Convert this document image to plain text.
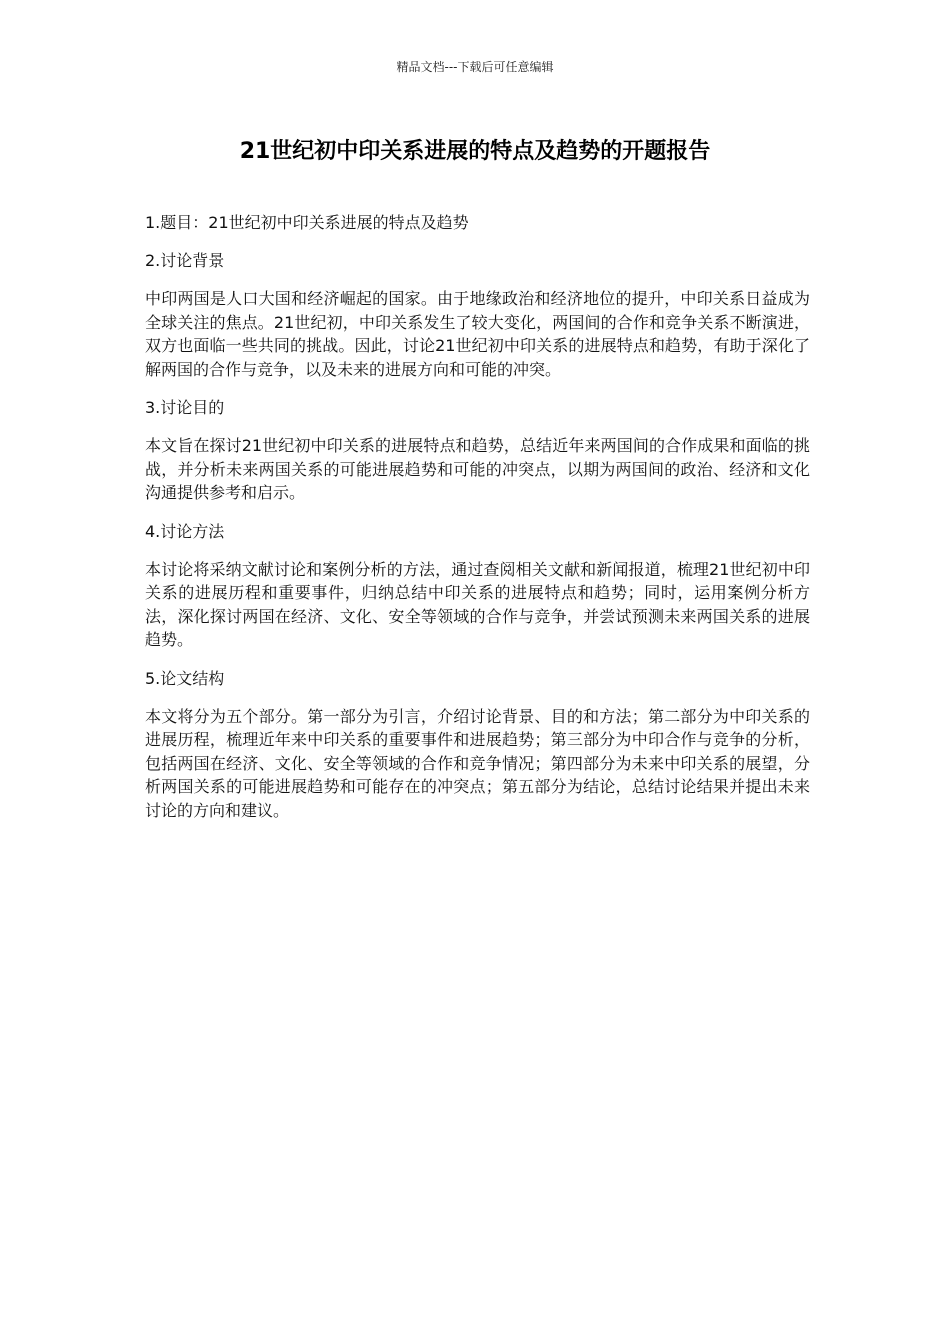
精品文档---下载后可任意编辑
21世纪初中印关系进展的特点及趋势的开题报告

1.题目：21世纪初中印关系进展的特点及趋势

2.讨论背景

中印两国是人口大国和经济崛起的国家。由于地缘政治和经济地位的提升，中印关系日益成为全球关注的焦点。21世纪初，中印关系发生了较大变化，两国间的合作和竞争关系不断演进，双方也面临一些共同的挑战。因此，讨论21世纪初中印关系的进展特点和趋势，有助于深化了解两国的合作与竞争，以及未来的进展方向和可能的冲突。

3.讨论目的

本文旨在探讨21世纪初中印关系的进展特点和趋势，总结近年来两国间的合作成果和面临的挑战，并分析未来两国关系的可能进展趋势和可能的冲突点，以期为两国间的政治、经济和文化沟通提供参考和启示。

4.讨论方法

本讨论将采纳文献讨论和案例分析的方法，通过查阅相关文献和新闻报道，梳理21世纪初中印关系的进展历程和重要事件，归纳总结中印关系的进展特点和趋势；同时，运用案例分析方法，深化探讨两国在经济、文化、安全等领域的合作与竞争，并尝试预测未来两国关系的进展趋势。

5.论文结构

本文将分为五个部分。第一部分为引言，介绍讨论背景、目的和方法；第二部分为中印关系的进展历程，梳理近年来中印关系的重要事件和进展趋势；第三部分为中印合作与竞争的分析，包括两国在经济、文化、安全等领域的合作和竞争情况；第四部分为未来中印关系的展望，分析两国关系的可能进展趋势和可能存在的冲突点；第五部分为结论，总结讨论结果并提出未来讨论的方向和建议。
